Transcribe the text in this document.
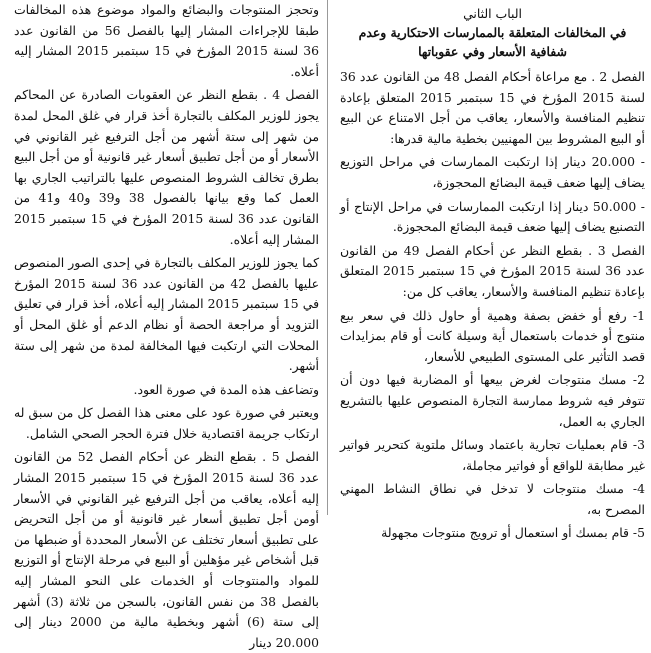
الباب الثاني
في المخالفات المتعلقة بالممارسات الاحتكارية وعدم شفافية الأسعار وفي عقوباتها

الفصل 2 . مع مراعاة أحكام الفصل 48 من القانون عدد 36 لسنة 2015 المؤرخ في 15 سبتمبر 2015 المتعلق بإعادة تنظيم المنافسة والأسعار، يعاقب من أجل الامتناع عن البيع أو البيع المشروط بين المهنيين بخطية مالية قدرها:

- 20.000 دينار إذا ارتكبت الممارسات في مراحل التوزيع يضاف إليها ضعف قيمة البضائع المحجوزة،

- 50.000 دينار إذا ارتكبت الممارسات في مراحل الإنتاج أو التصنيع يضاف إليها ضعف قيمة البضائع المحجوزة.

الفصل 3 . بقطع النظر عن أحكام الفصل 49 من القانون عدد 36 لسنة 2015 المؤرخ في 15 سبتمبر 2015 المتعلق بإعادة تنظيم المنافسة والأسعار، يعاقب كل من:

1- رفع أو خفض بصفة وهمية أو حاول ذلك في سعر بيع منتوج أو خدمات باستعمال أية وسيلة كانت أو قام بمزايدات قصد التأثير على المستوى الطبيعي للأسعار،

2- مسك منتوجات لغرض بيعها أو المضاربة فيها دون أن تتوفر فيه شروط ممارسة التجارة المنصوص عليها بالتشريع الجاري به العمل،

3- قام بعمليات تجارية باعتماد وسائل ملتوية كتحرير فواتير غير مطابقة للواقع أو فواتير مجاملة،

4- مسك منتوجات لا تدخل في نطاق النشاط المهني المصرح به،

5- قام بمسك أو استعمال أو ترويج منتوجات مجهولة

وتحجز المنتوجات والبضائع والمواد موضوع هذه المخالفات طبقا للإجراءات المشار إليها بالفصل 56 من القانون عدد 36 لسنة 2015 المؤرخ في 15 سبتمبر 2015 المشار إليه أعلاه.

الفصل 4 . بقطع النظر عن العقوبات الصادرة عن المحاكم يجوز للوزير المكلف بالتجارة أخذ قرار في غلق المحل لمدة من شهر إلى ستة أشهر من أجل الترفيع غير القانوني في الأسعار أو من أجل تطبيق أسعار غير قانونية أو من أجل البيع بطرق تخالف الشروط المنصوص عليها بالتراتيب الجاري بها العمل كما وقع بيانها بالفصول 38 و39 و40 و41 من القانون عدد 36 لسنة 2015 المؤرخ في 15 سبتمبر 2015 المشار إليه أعلاه.

كما يجوز للوزير المكلف بالتجارة في إحدى الصور المنصوص عليها بالفصل 42 من القانون عدد 36 لسنة 2015 المؤرخ في 15 سبتمبر 2015 المشار إليه أعلاه، أخذ قرار في تعليق التزويد أو مراجعة الحصة أو نظام الدعم أو غلق المحل أو المحلات التي ارتكبت فيها المخالفة لمدة من شهر إلى ستة أشهر.

وتضاعف هذه المدة في صورة العود.

ويعتبر في صورة عود على معنى هذا الفصل كل من سبق له ارتكاب جريمة اقتصادية خلال فترة الحجر الصحي الشامل.

الفصل 5 . بقطع النظر عن أحكام الفصل 52 من القانون عدد 36 لسنة 2015 المؤرخ في 15 سبتمبر 2015 المشار إليه أعلاه، يعاقب من أجل الترفيع غير القانوني في الأسعار أومن أجل تطبيق أسعار غير قانونية أو من أجل التحريض على تطبيق أسعار تختلف عن الأسعار المحددة أو ضبطها من قبل أشخاص غير مؤهلين أو البيع في مرحلة الإنتاج أو التوزيع للمواد والمنتوجات أو الخدمات على النحو المشار إليه بالفصل 38 من نفس القانون، بالسجن من ثلاثة (3) أشهر إلى ستة (6) أشهر وبخطية مالية من 2000 دينار إلى 20.000 دينار
